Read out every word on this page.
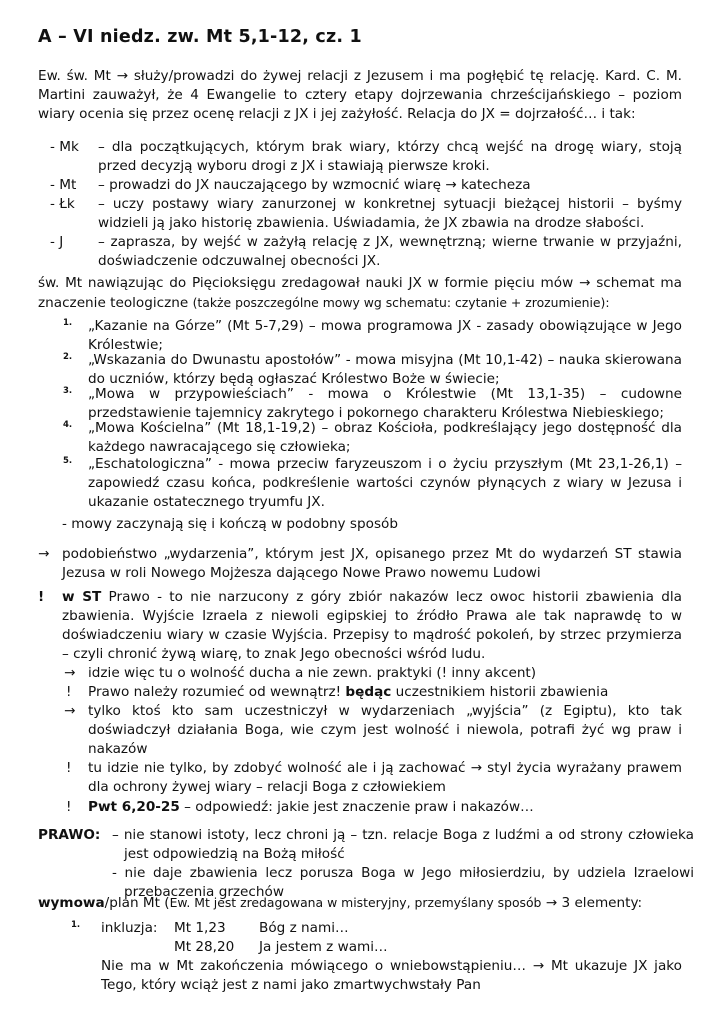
A – VI niedz. zw. Mt 5,1-12, cz. 1
Ew. św. Mt → służy/prowadzi do żywej relacji z Jezusem i ma pogłębić tę relację. Kard. C. M. Martini zauważył, że 4 Ewangelie to cztery etapy dojrzewania chrześcijańskiego – poziom wiary ocenia się przez ocenę relacji z JX i jej zażyłość. Relacja do JX = dojrzałość… i tak:
- Mk – dla początkujących, którym brak wiary, którzy chcą wejść na drogę wiary, stoją przed decyzją wyboru drogi z JX i stawiają pierwsze kroki.
- Mt – prowadzi do JX nauczającego by wzmocnić wiarę → katecheza
- Łk – uczy postawy wiary zanurzonej w konkretnej sytuacji bieżącej historii – byśmy widzieli ją jako historię zbawienia. Uświadamia, że JX zbawia na drodze słabości.
- J	– zaprasza, by wejść w zażyłą relację z JX, wewnętrzną; wierne trwanie w przyjaźni, doświadczenie odczuwalnej obecności JX.
św. Mt nawiązując do Pięcioksięgu zredagował nauki JX w formie pięciu mów → schemat ma znaczenie teologiczne (także poszczególne mowy wg schematu: czytanie + zrozumienie):
1. „Kazanie na Górze” (Mt 5-7,29) – mowa programowa JX - zasady obowiązujące w Jego Królestwie;
2. „Wskazania do Dwunastu apostołów” - mowa misyjna (Mt 10,1-42) – nauka skierowana do uczniów, którzy będą ogłaszać Królestwo Boże w świecie;
3. „Mowa w przypowieściach” - mowa o Królestwie (Mt 13,1-35) – cudowne przedstawienie tajemnicy zakrytego i pokornego charakteru Królestwa Niebieskiego;
4. „Mowa Kościelna” (Mt 18,1-19,2) – obraz Kościoła, podkreślający jego dostępność dla każdego nawracającego się człowieka;
5. „Eschatologiczna” - mowa przeciw faryzeuszom i o życiu przyszłym (Mt 23,1-26,1) – zapowiedź czasu końca, podkreślenie wartości czynów płynących z wiary w Jezusa i ukazanie ostatecznego tryumfu JX.
- mowy zaczynają się i kończą w podobny sposób
→ podobieństwo „wydarzenia”, którym jest JX, opisanego przez Mt do wydarzeń ST stawia Jezusa w roli Nowego Mojżesza dającego Nowe Prawo nowemu Ludowi
! w ST Prawo - to nie narzucony z góry zbiór nakazów lecz owoc historii zbawienia dla zbawienia. Wyjście Izraela z niewoli egipskiej to źródło Prawa ale tak naprawdę to w doświadczeniu wiary w czasie Wyjścia. Przepisy to mądrość pokoleń, by strzec przymierza – czyli chronić żywą wiarę, to znak Jego obecności wśród ludu.
→ idzie więc tu o wolność ducha a nie zewn. praktyki (! inny akcent)
! Prawo należy rozumieć od wewnątrz! będąc uczestnikiem historii zbawienia
→ tylko ktoś kto sam uczestniczył w wydarzeniach „wyjścia” (z Egiptu), kto tak doświadczył działania Boga, wie czym jest wolność i niewola, potrafi żyć wg praw i nakazów
! tu idzie nie tylko, by zdobyć wolność ale i ją zachować → styl życia wyrażany prawem dla ochrony żywej wiary – relacji Boga z człowiekiem
! Pwt 6,20-25 – odpowiedź: jakie jest znaczenie praw i nakazów…
PRAWO: – nie stanowi istoty, lecz chroni ją – tzn. relacje Boga z ludźmi a od strony człowieka jest odpowiedzią na Bożą miłość
- nie daje zbawienia lecz porusza Boga w Jego miłosierdziu, by udziela Izraelowi przebaczenia grzechów
wymowa/plan Mt (Ew. Mt jest zredagowana w misteryjny, przemyślany sposób → 3 elementy:
1. inkluzja: Mt 1,23 Bóg z nami…
Mt 28,20 Ja jestem z wami…
Nie ma w Mt zakończenia mówiącego o wniebowstąpieniu… → Mt ukazuje JX jako Tego, który wciąż jest z nami jako zmartwychwstały Pan
